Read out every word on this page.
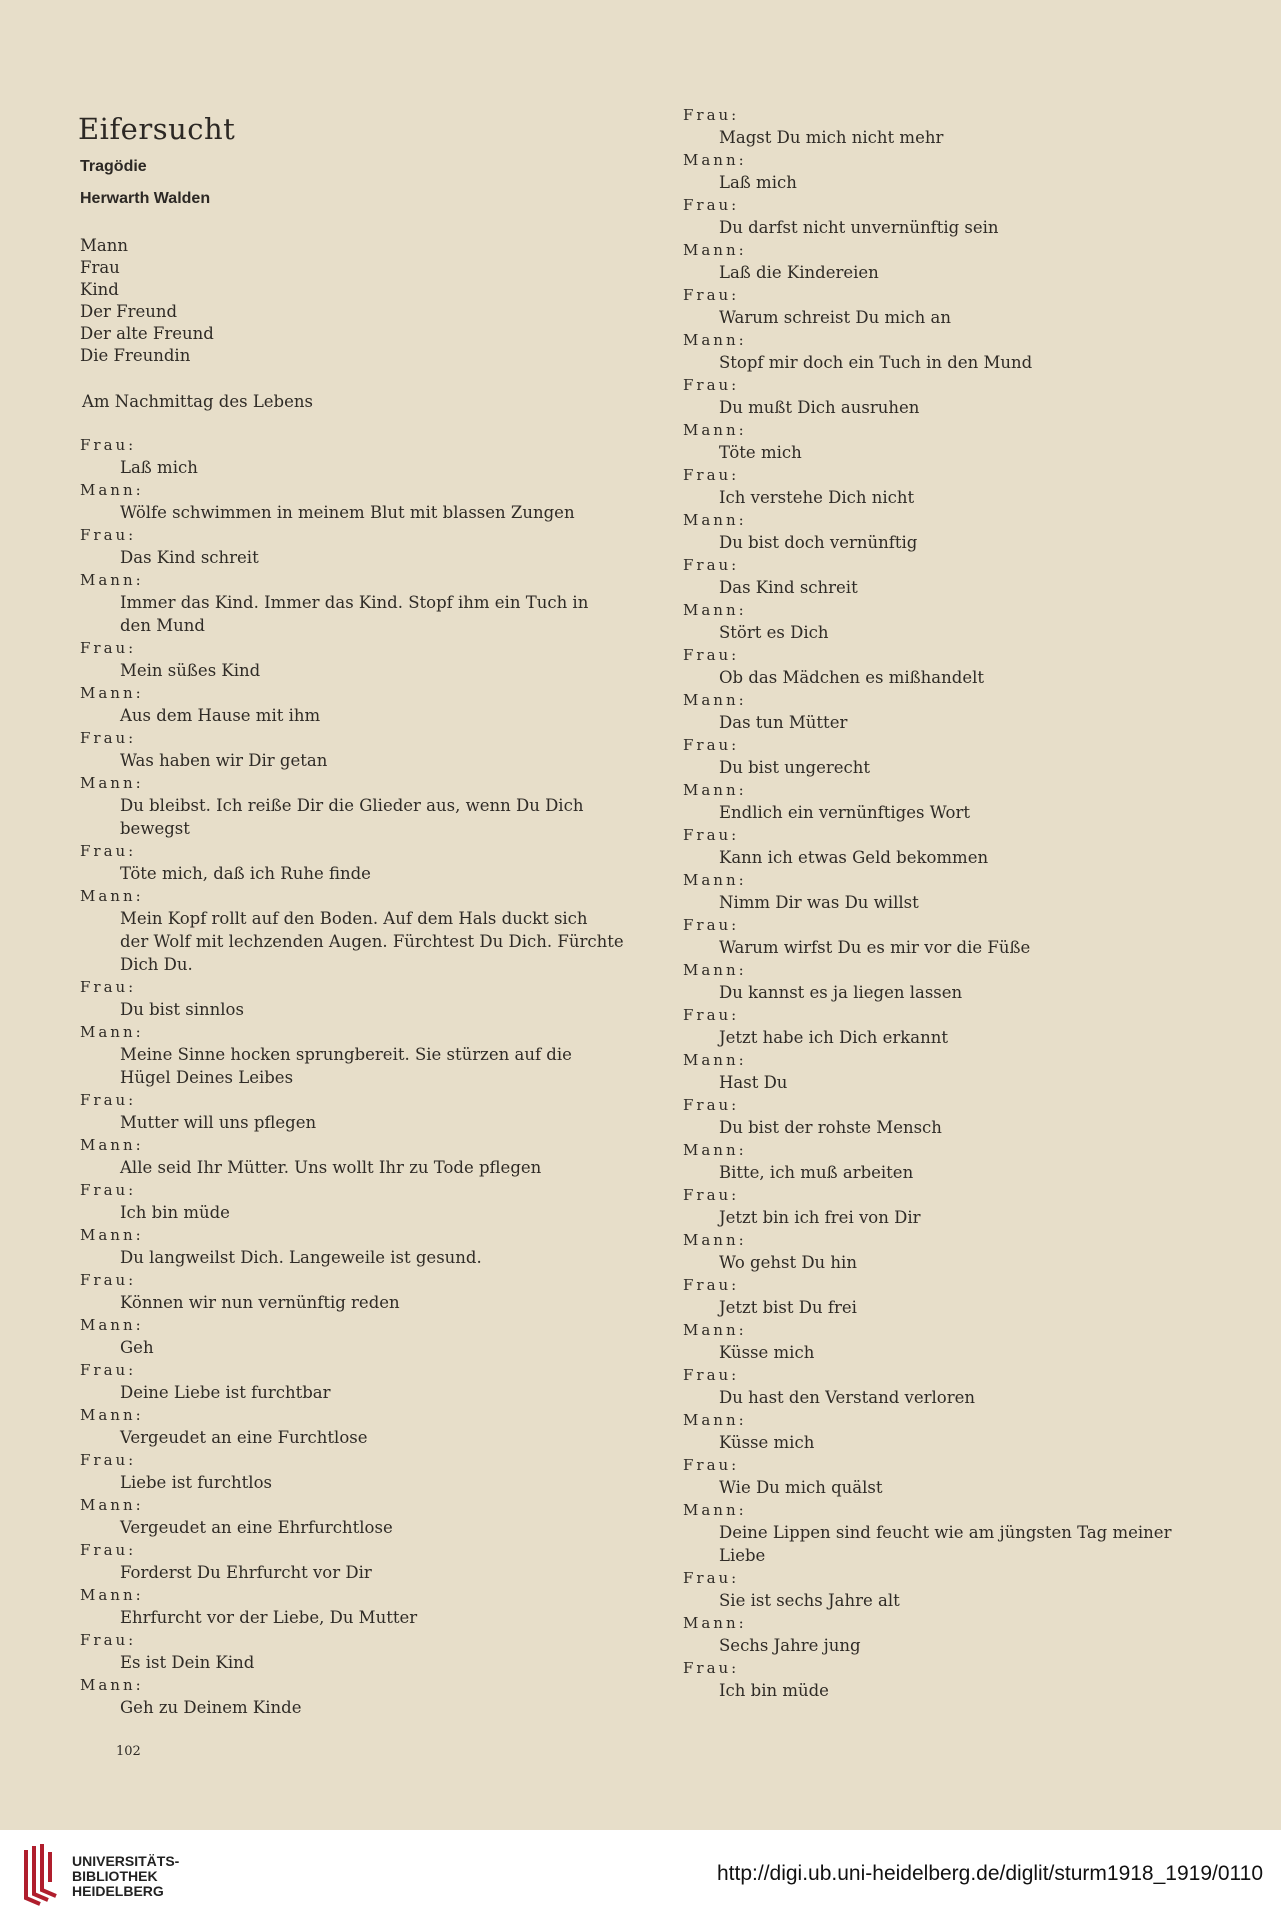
Eifersucht
Tragödie
Herwarth Walden
Mann
Frau
Kind
Der Freund
Der alte Freund
Die Freundin
Am Nachmittag des Lebens
Frau:
Laß mich
Mann:
Wölfe schwimmen in meinem Blut mit blassen Zungen
Frau:
Das Kind schreit
Mann:
Immer das Kind. Immer das Kind. Stopf ihm ein Tuch in
den Mund
Frau:
Mein süßes Kind
Mann:
Aus dem Hause mit ihm
Frau:
Was haben wir Dir getan
Mann:
Du bleibst. Ich reiße Dir die Glieder aus, wenn Du Dich
bewegst
Frau:
Töte mich, daß ich Ruhe finde
Mann:
Mein Kopf rollt auf den Boden. Auf dem Hals duckt sich
der Wolf mit lechzenden Augen. Fürchtest Du Dich. Fürchte
Dich Du.
Frau:
Du bist sinnlos
Mann:
Meine Sinne hocken sprungbereit. Sie stürzen auf die
Hügel Deines Leibes
Frau:
Mutter will uns pflegen
Mann:
Alle seid Ihr Mütter. Uns wollt Ihr zu Tode pflegen
Frau:
Ich bin müde
Mann:
Du langweilst Dich. Langeweile ist gesund.
Frau:
Können wir nun vernünftig reden
Mann:
Geh
Frau:
Deine Liebe ist furchtbar
Mann:
Vergeudet an eine Furchtlose
Frau:
Liebe ist furchtlos
Mann:
Vergeudet an eine Ehrfurchtlose
Frau:
Forderst Du Ehrfurcht vor Dir
Mann:
Ehrfurcht vor der Liebe, Du Mutter
Frau:
Es ist Dein Kind
Mann:
Geh zu Deinem Kinde
Frau:
Magst Du mich nicht mehr
Mann:
Laß mich
Frau:
Du darfst nicht unvernünftig sein
Mann:
Laß die Kindereien
Frau:
Warum schreist Du mich an
Mann:
Stopf mir doch ein Tuch in den Mund
Frau:
Du mußt Dich ausruhen
Mann:
Töte mich
Frau:
Ich verstehe Dich nicht
Mann:
Du bist doch vernünftig
Frau:
Das Kind schreit
Mann:
Stört es Dich
Frau:
Ob das Mädchen es mißhandelt
Mann:
Das tun Mütter
Frau:
Du bist ungerecht
Mann:
Endlich ein vernünftiges Wort
Frau:
Kann ich etwas Geld bekommen
Mann:
Nimm Dir was Du willst
Frau:
Warum wirfst Du es mir vor die Füße
Mann:
Du kannst es ja liegen lassen
Frau:
Jetzt habe ich Dich erkannt
Mann:
Hast Du
Frau:
Du bist der rohste Mensch
Mann:
Bitte, ich muß arbeiten
Frau:
Jetzt bin ich frei von Dir
Mann:
Wo gehst Du hin
Frau:
Jetzt bist Du frei
Mann:
Küsse mich
Frau:
Du hast den Verstand verloren
Mann:
Küsse mich
Frau:
Wie Du mich quälst
Mann:
Deine Lippen sind feucht wie am jüngsten Tag meiner
Liebe
Frau:
Sie ist sechs Jahre alt
Mann:
Sechs Jahre jung
Frau:
Ich bin müde
102
UNIVERSITÄTS-
BIBLIOTHEK
HEIDELBERG
http://digi.ub.uni-heidelberg.de/diglit/sturm1918_1919/0110
